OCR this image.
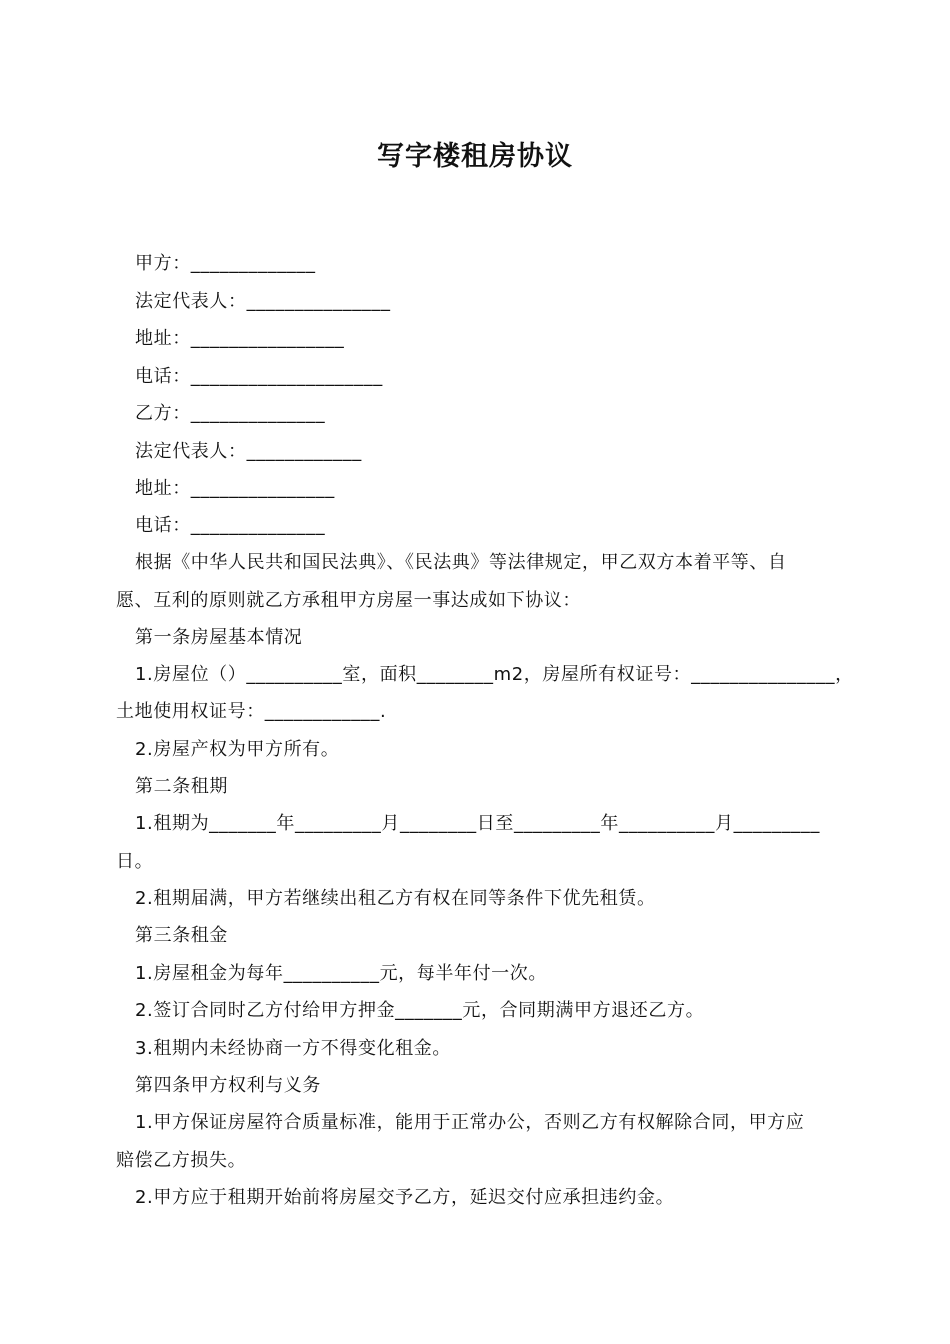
写字楼租房协议
甲方：_____________
法定代表人：_______________
地址：________________
电话：____________________
乙方：______________
法定代表人：____________
地址：_______________
电话：______________
根据《中华人民共和国民法典》、《民法典》等法律规定，甲乙双方本着平等、自
愿、互利的原则就乙方承租甲方房屋一事达成如下协议：
第一条房屋基本情况
1.房屋位（）__________室，面积________m2，房屋所有权证号：_______________，
土地使用权证号：____________.
2.房屋产权为甲方所有。
第二条租期
1.租期为_______年_________月________日至_________年__________月_________
日。
2.租期届满，甲方若继续出租乙方有权在同等条件下优先租赁。
第三条租金
1.房屋租金为每年__________元，每半年付一次。
2.签订合同时乙方付给甲方押金_______元，合同期满甲方退还乙方。
3.租期内未经协商一方不得变化租金。
第四条甲方权利与义务
1.甲方保证房屋符合质量标准，能用于正常办公，否则乙方有权解除合同，甲方应
赔偿乙方损失。
2.甲方应于租期开始前将房屋交予乙方，延迟交付应承担违约金。
